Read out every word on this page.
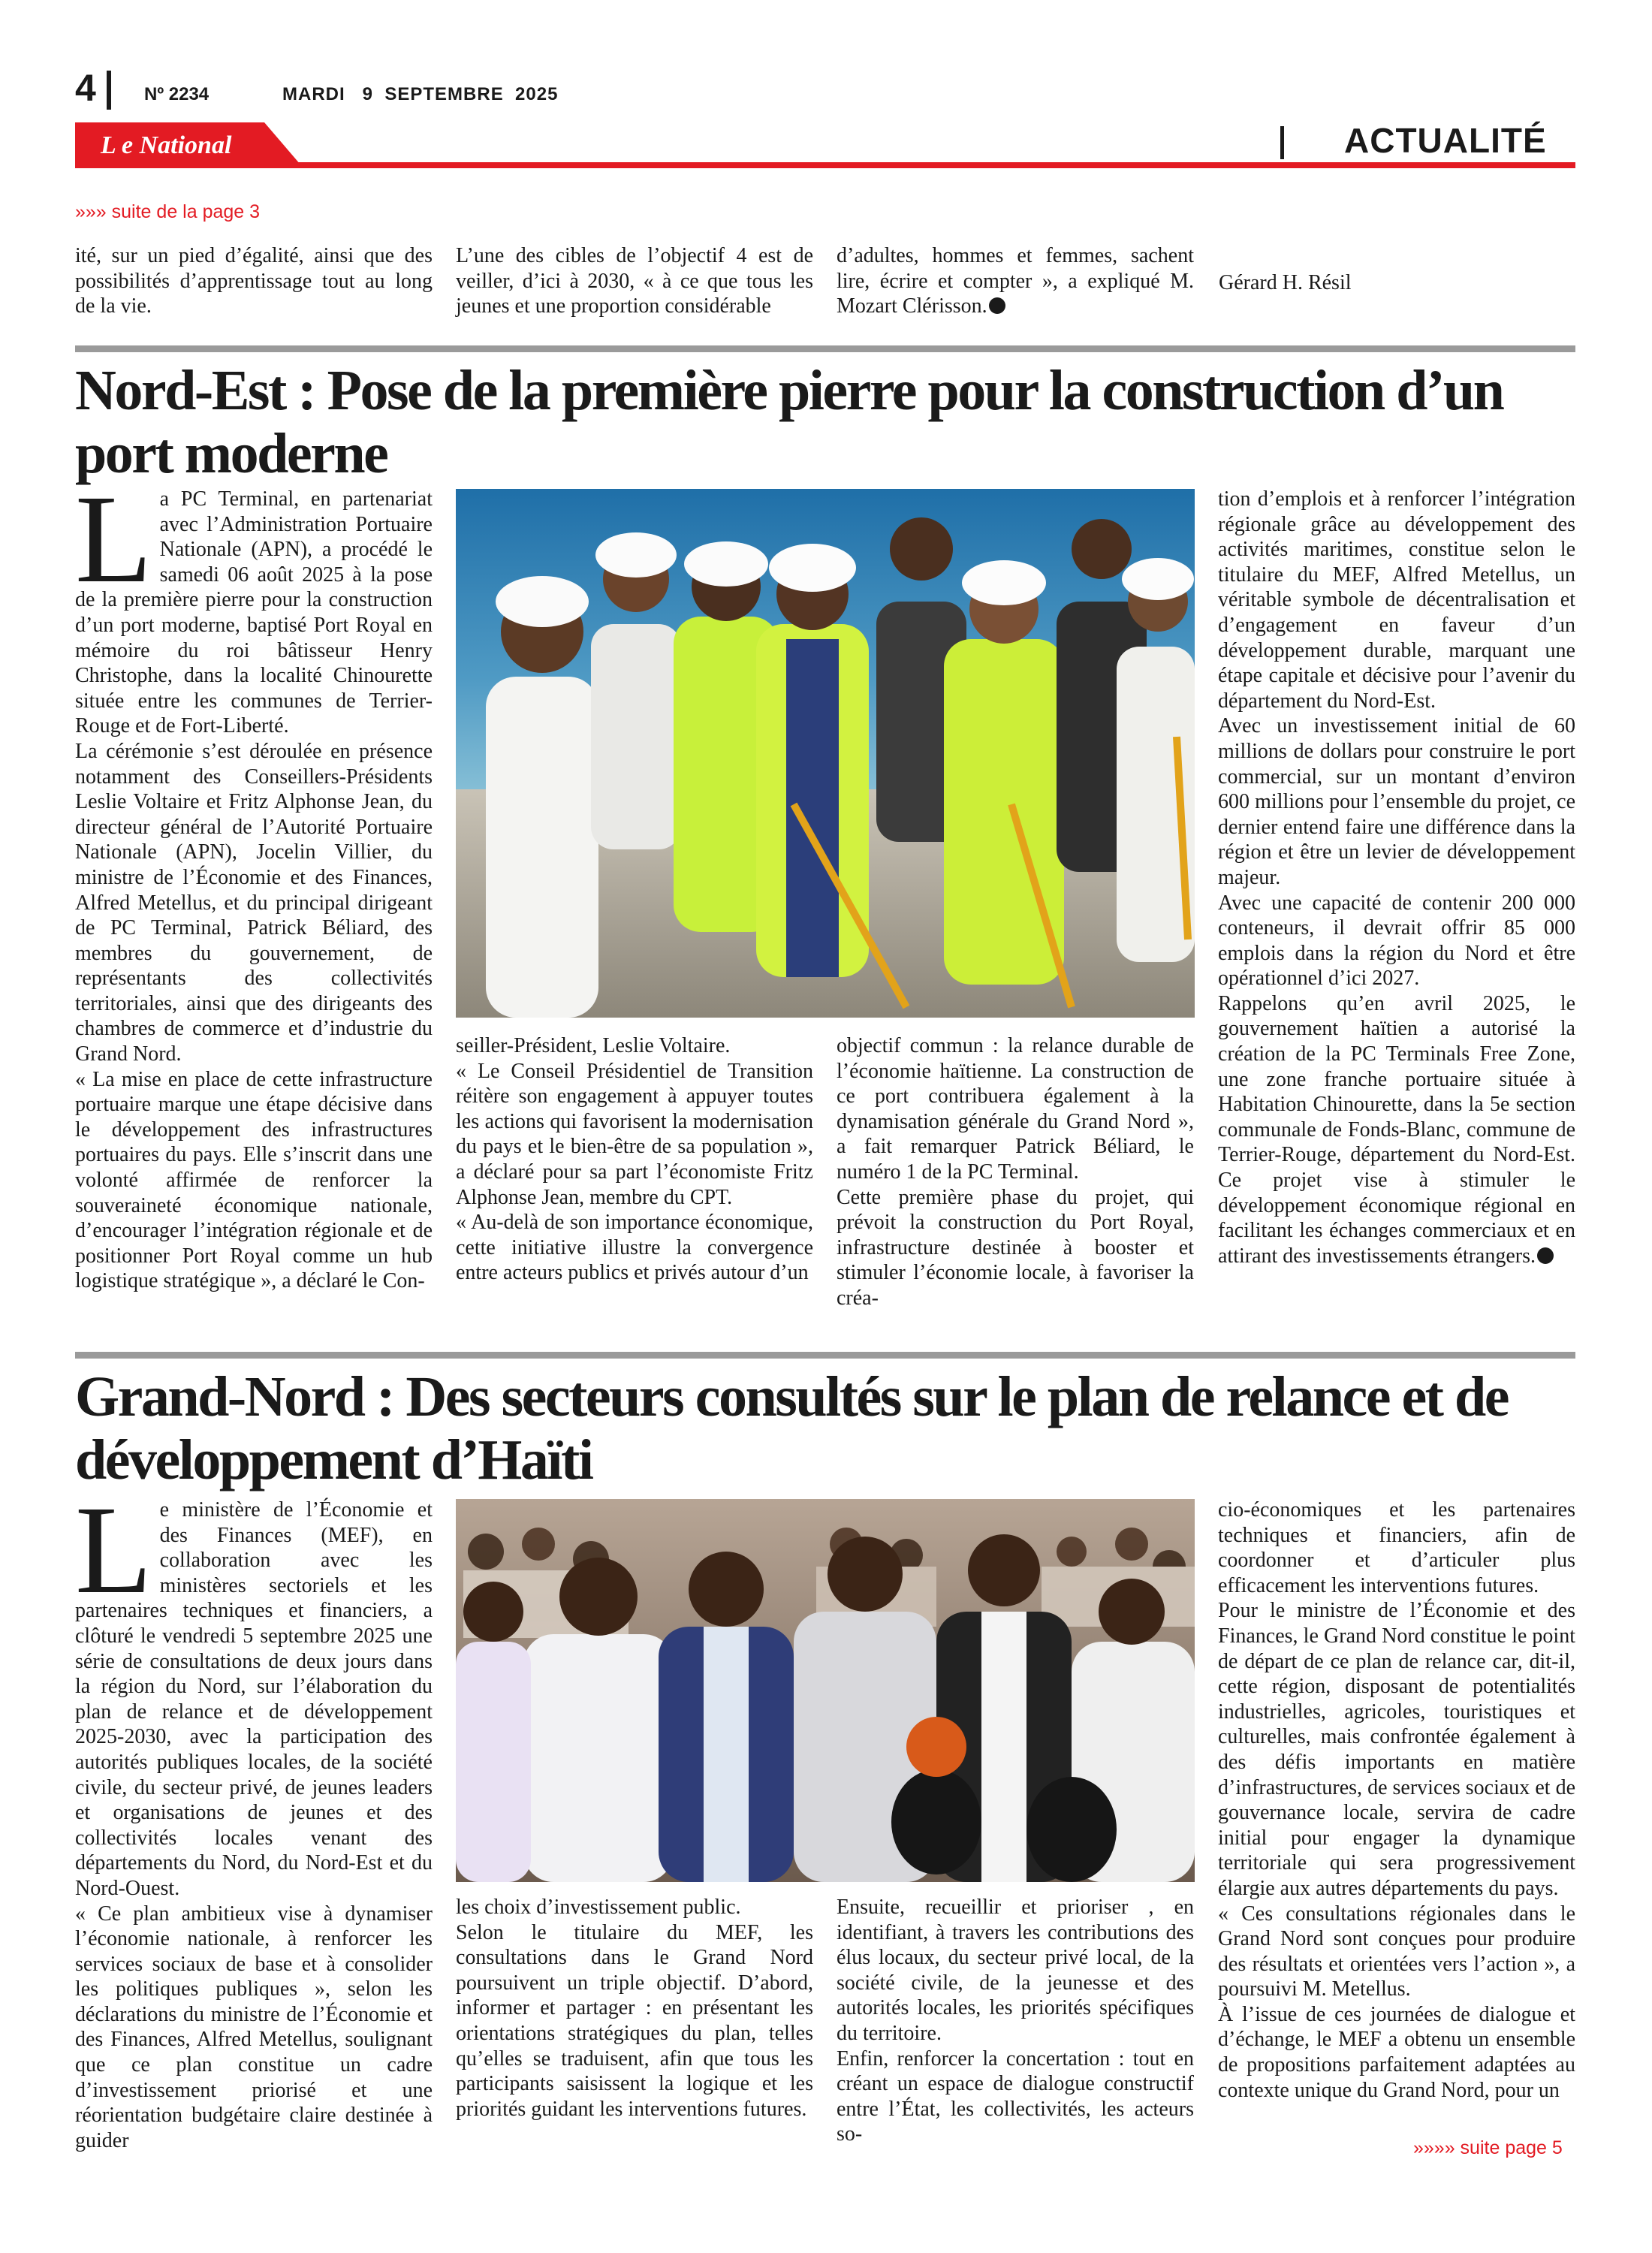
4	Nº 2234	MARDI   9  SEPTEMBRE  2025
L e National	ACTUALITÉ
»»» suite de la page 3
ité, sur un pied d’égalité, ainsi que des possibilités d’apprentissage tout au long de la vie.
L’une des cibles de l’objectif 4 est de veiller, d’ici à 2030, « à ce que tous les jeunes et une proportion considérable
d’adultes, hommes et femmes, sachent lire, écrire et compter », a expliqué M. Mozart Clérisson.
Gérard H. Résil
Nord-Est : Pose de la première pierre pour la construction d’un port moderne
L a PC Terminal, en partenariat avec l’Administration Portuaire Nationale (APN), a procédé le samedi 06 août 2025 à la pose de la première pierre pour la construction d’un port moderne, baptisé Port Royal en mémoire du roi bâtisseur Henry Christophe, dans la localité Chinourette située entre les communes de Terrier-Rouge et de Fort-Liberté.

La cérémonie s’est déroulée en présence notamment des Conseillers-Présidents Leslie Voltaire et Fritz Alphonse Jean, du directeur général de l’Autorité Portuaire Nationale (APN), Jocelin Villier, du ministre de l’Économie et des Finances, Alfred Metellus, et du principal dirigeant de PC Terminal, Patrick Béliard, des membres du gouvernement, de représentants des collectivités territoriales, ainsi que des dirigeants des chambres de commerce et d’industrie du Grand Nord.

« La mise en place de cette infrastructure portuaire marque une étape décisive dans le développement des infrastructures portuaires du pays. Elle s’inscrit dans une volonté affirmée de renforcer la souveraineté économique nationale, d’encourager l’intégration régionale et de positionner Port Royal comme un hub logistique stratégique », a déclaré le Con-

seiller-Président, Leslie Voltaire.

« Le Conseil Présidentiel de Transition réitère son engagement à appuyer toutes les actions qui favorisent la modernisation du pays et le bien-être de sa population », a déclaré pour sa part l’économiste Fritz Alphonse Jean, membre du CPT.

« Au-delà de son importance économique, cette initiative illustre la convergence entre acteurs publics et privés autour d’un

objectif commun : la relance durable de l’économie haïtienne. La construction de ce port contribuera également à la dynamisation générale du Grand Nord », a fait remarquer Patrick Béliard, le numéro 1 de la PC Terminal.

Cette première phase du projet, qui prévoit la construction du Port Royal, infrastructure destinée à booster et stimuler l’économie locale, à favoriser la créa-

tion d’emplois et à renforcer l’intégration régionale grâce au développement des activités maritimes, constitue selon le titulaire du MEF, Alfred Metellus, un véritable symbole de décentralisation et d’engagement en faveur d’un développement durable, marquant une étape capitale et décisive pour l’avenir du département du Nord-Est.

Avec un investissement initial de 60 millions de dollars pour construire le port commercial, sur un montant d’environ 600 millions pour l’ensemble du projet, ce dernier entend faire une différence dans la région et être un levier de développement majeur.

Avec une capacité de contenir 200 000 conteneurs, il devrait offrir 85 000 emplois dans la région du Nord et être opérationnel d’ici 2027.

Rappelons qu’en avril 2025, le gouvernement haïtien a autorisé la création de la PC Terminals Free Zone, une zone franche portuaire située à Habitation Chinourette, dans la 5e section communale de Fonds-Blanc, commune de Terrier-Rouge, département du Nord-Est. Ce projet vise à stimuler le développement économique régional en facilitant les échanges commerciaux et en attirant des investissements étrangers.

Grand-Nord : Des secteurs consultés sur le plan de relance et de développement d’Haïti
L e ministère de l’Économie et des Finances (MEF), en collaboration avec les ministères sectoriels et les partenaires techniques et financiers, a clôturé le vendredi 5 septembre 2025 une série de consultations de deux jours dans la région du Nord, sur l’élaboration du plan de relance et de développement 2025-2030, avec la participation des autorités publiques locales, de la société civile, du secteur privé, de jeunes leaders et organisations de jeunes et des collectivités locales venant des départements du Nord, du Nord-Est et du Nord-Ouest.

« Ce plan ambitieux vise à dynamiser l’économie nationale, à renforcer les services sociaux de base et à consolider les politiques publiques », selon les déclarations du ministre de l’Économie et des Finances, Alfred Metellus, soulignant que ce plan constitue un cadre d’investissement priorisé et une réorientation budgétaire claire destinée à guider

les choix d’investissement public.

Selon le titulaire du MEF, les consultations dans le Grand Nord poursuivent un triple objectif. D’abord, informer et partager : en présentant les orientations stratégiques du plan, telles qu’elles se traduisent, afin que tous les participants saisissent la logique et les priorités guidant les interventions futures.

Ensuite, recueillir et prioriser , en identifiant, à travers les contributions des élus locaux, du secteur privé local, de la société civile, de la jeunesse et des autorités locales, les priorités spécifiques du territoire.

Enfin, renforcer la concertation : tout en créant un espace de dialogue constructif entre l’État, les collectivités, les acteurs so-

cio-économiques et les partenaires techniques et financiers, afin de coordonner et d’articuler plus efficacement les interventions futures.

Pour le ministre de l’Économie et des Finances, le Grand Nord constitue le point de départ de ce plan de relance car, dit-il, cette région, disposant de potentialités industrielles, agricoles, touristiques et culturelles, mais confrontée également à des défis importants en matière d’infrastructures, de services sociaux et de gouvernance locale, servira de cadre initial pour engager la dynamique territoriale qui sera progressivement élargie aux autres départements du pays.

« Ces consultations régionales dans le Grand Nord sont conçues pour produire des résultats et orientées vers l’action », a poursuivi M. Metellus.

À l’issue de ces journées de dialogue et d’échange, le MEF a obtenu un ensemble de propositions parfaitement adaptées au contexte unique du Grand Nord, pour un

»»»» suite page 5
